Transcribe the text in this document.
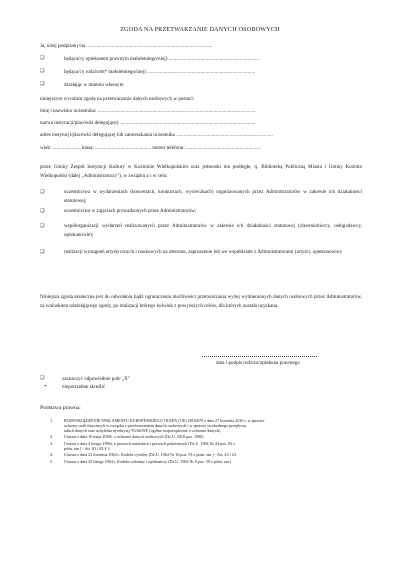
ZGODA NA PRZETWARZANIE DANYCH OSOBOWYCH
Ja, niżej podpisany/na ...................................................................................................
❑	będąca/cy opiekunem prawnym małoletniego/niej) .......................................................................
❑	będąca/cy rodzicem* małoletniego/niej) .....................................................................................
❑	działając w imieniu własnym
niniejszym wyrażam zgodę na przetwarzanie danych osobowych w postaci:
imię i nazwisko uczestnika: ............................................................................................................................
nazwa instytucji/placówki delegującej: ..........................................................................................................
adres instytucji/placówki delegującej lub zamieszkania uczestnika ............................................................................
wiek: ...................... klasa: ............................................ numer telefonu: ...........................................................
przez Gminy Zespół Instytucji Kultury w Koźminie Wielkopolskim oraz jednostki mu podległe, tj. Biblioteką Publiczną Miasta i Gminy Koźmin Wielkopolski (dalej „Administratorzy"), w związku z i w celu:
❑	uczestnictwa w wydarzeniach (koncertach, konkursach, wycieczkach) organizowanych przez Administratorów w zakresie ich działalności statutowej;
❑	uczestnictwa w zajęciach prowadzonych przez Administratorów;
❑	współorganizacji wydarzeń realizowanych przez Administratorów w zakresie ich działalności statutowej (zleceniobiorcy, usługodawcy, opiekunowie);
❑	realizacji wystąpień artystycznych i naukowych na zlecenie, zaproszenie lub we współdziale z Administratorami (artyści, opiekunowie);
Niniejsza zgoda skuteczna jest do odwołania bądź ograniczenia możliwości przetwarzania wyżej wymienionych danych osobowych przez Administratorów, za wnioskiem udzielającego zgody, po realizacji którego kolwiek z powyższych celów, dla których została uzyskana.
data i podpis rodzica/opiekuna prawnego
❑	zaznaczyć odpowiednie pole „X"
*	niepotrzebne skreślić
Podstawa prawna:
1.	ROZPORZĄDZENIE PARLAMENTU EUROPEJSKIEGO I RADY (UE) 2016/679 z dnia 27 kwietnia 2016 r. w sprawie
ochrony osób fizycznych w związku z przetwarzaniem danych osobowych i w sprawie swobodnego przepływu
takich danych oraz uchylenia dyrektywy 95/46/WE (ogólne rozporządzenie o ochronie danych)
2.	Ustawa z dnia 10 maja 2018r. o ochronie danych osobowych (Dz.U. 2018 poz. 1000)
3.	Ustawa z dnia 4 lutego 1994r. o prawach autorskich i prawach pokrewnych (Dz.U. 1994 Nr 24 poz. 83 z
późn. zm.) - Art. 81 i 83 § 3.
4.	Ustawa z dnia 23 kwietnia 1964 r. Kodeks cywilny (Dz.U. 1964 Nr 16 poz. 93 z późn. zm.) - Art. 23 i 24
5.	Ustawa z dnia 25 lutego 1964 r. Kodeks rodzinny i opiekuńczy (Dz.U. 1964 Nr 9 poz. 59 z późn. zm.)
